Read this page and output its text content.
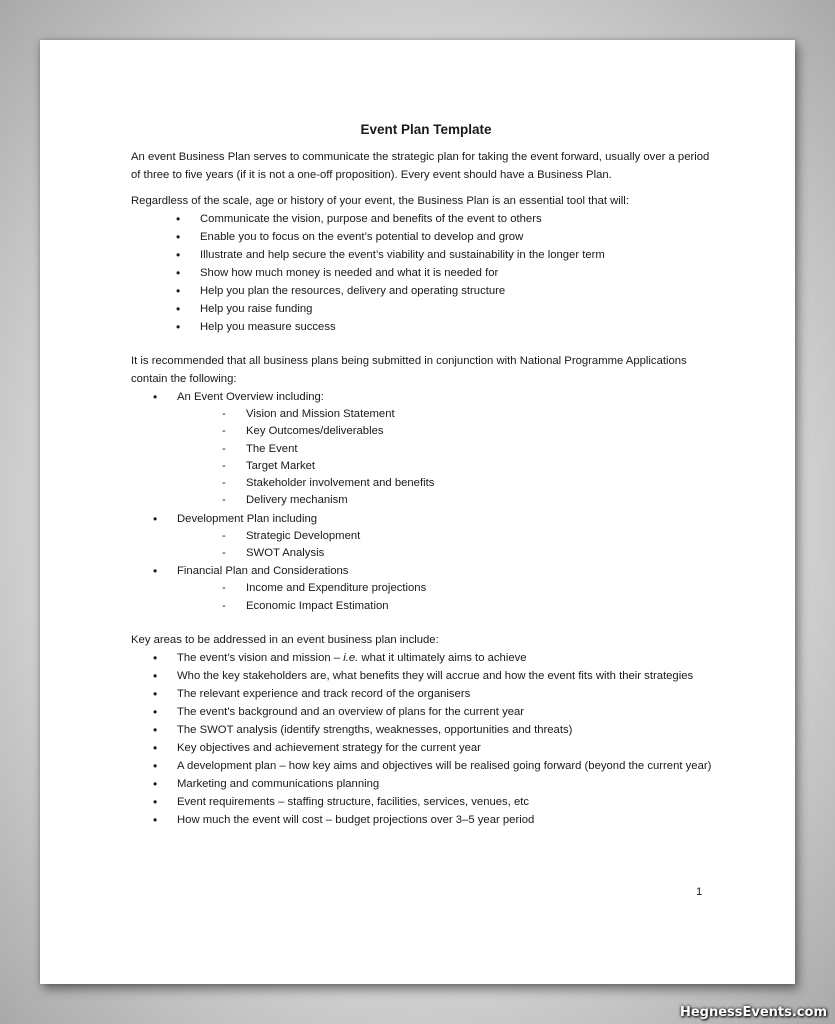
Event Plan Template

An event Business Plan serves to communicate the strategic plan for taking the event forward, usually over a period of three to five years (if it is not a one-off proposition). Every event should have a Business Plan.

Regardless of the scale, age or history of your event, the Business Plan is an essential tool that will:

• Communicate the vision, purpose and benefits of the event to others
• Enable you to focus on the event’s potential to develop and grow
• Illustrate and help secure the event’s viability and sustainability in the longer term
• Show how much money is needed and what it is needed for
• Help you plan the resources, delivery and operating structure
• Help you raise funding
• Help you measure success

It is recommended that all business plans being submitted in conjunction with National Programme Applications contain the following:

• An Event Overview including:
- Vision and Mission Statement
- Key Outcomes/deliverables
- The Event
- Target Market
- Stakeholder involvement and benefits
- Delivery mechanism
• Development Plan including
- Strategic Development
- SWOT Analysis
• Financial Plan and Considerations
- Income and Expenditure projections
- Economic Impact Estimation

Key areas to be addressed in an event business plan include:

• The event’s vision and mission – i.e. what it ultimately aims to achieve
• Who the key stakeholders are, what benefits they will accrue and how the event fits with their strategies
• The relevant experience and track record of the organisers
• The event’s background and an overview of plans for the current year
• The SWOT analysis (identify strengths, weaknesses, opportunities and threats)
• Key objectives and achievement strategy for the current year
• A development plan – how key aims and objectives will be realised going forward (beyond the current year)
• Marketing and communications planning
• Event requirements – staffing structure, facilities, services, venues, etc
• How much the event will cost – budget projections over 3–5 year period
1
HegnessEvents.com
